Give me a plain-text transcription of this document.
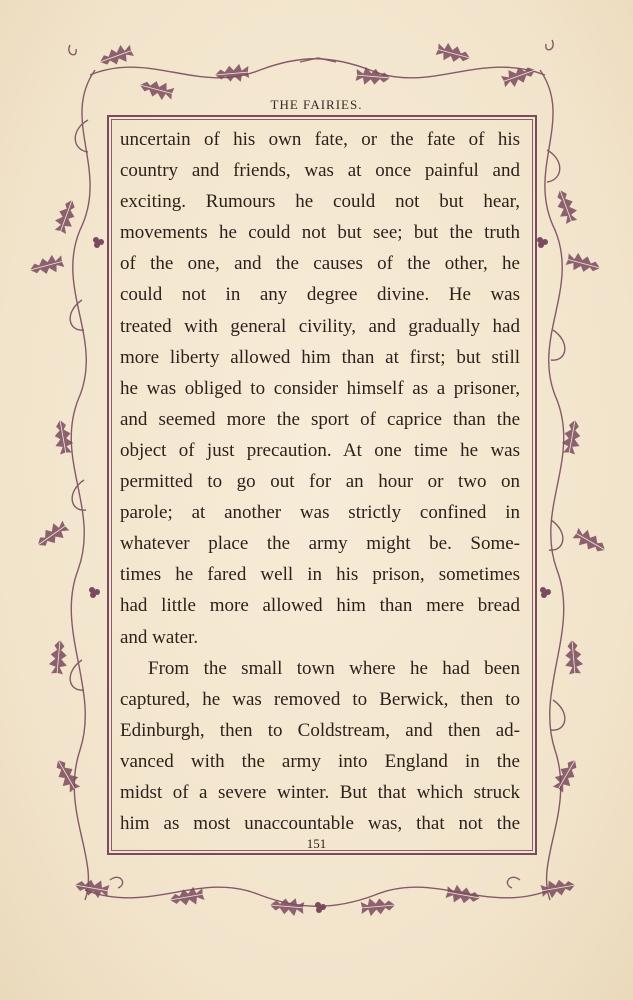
THE FAIRIES.
uncertain of his own fate, or the fate of his
country and friends, was at once painful and
exciting. Rumours he could not but hear,
movements he could not but see; but the truth
of the one, and the causes of the other, he
could not in any degree divine. He was
treated with general civility, and gradually had
more liberty allowed him than at first; but still
he was obliged to consider himself as a prisoner,
and seemed more the sport of caprice than the
object of just precaution. At one time he was
permitted to go out for an hour or two on
parole; at another was strictly confined in
whatever place the army might be. Some-
times he fared well in his prison, sometimes
had little more allowed him than mere bread
and water.
From the small town where he had been
captured, he was removed to Berwick, then to
Edinburgh, then to Coldstream, and then ad-
vanced with the army into England in the
midst of a severe winter. But that which struck
him as most unaccountable was, that not the
151
